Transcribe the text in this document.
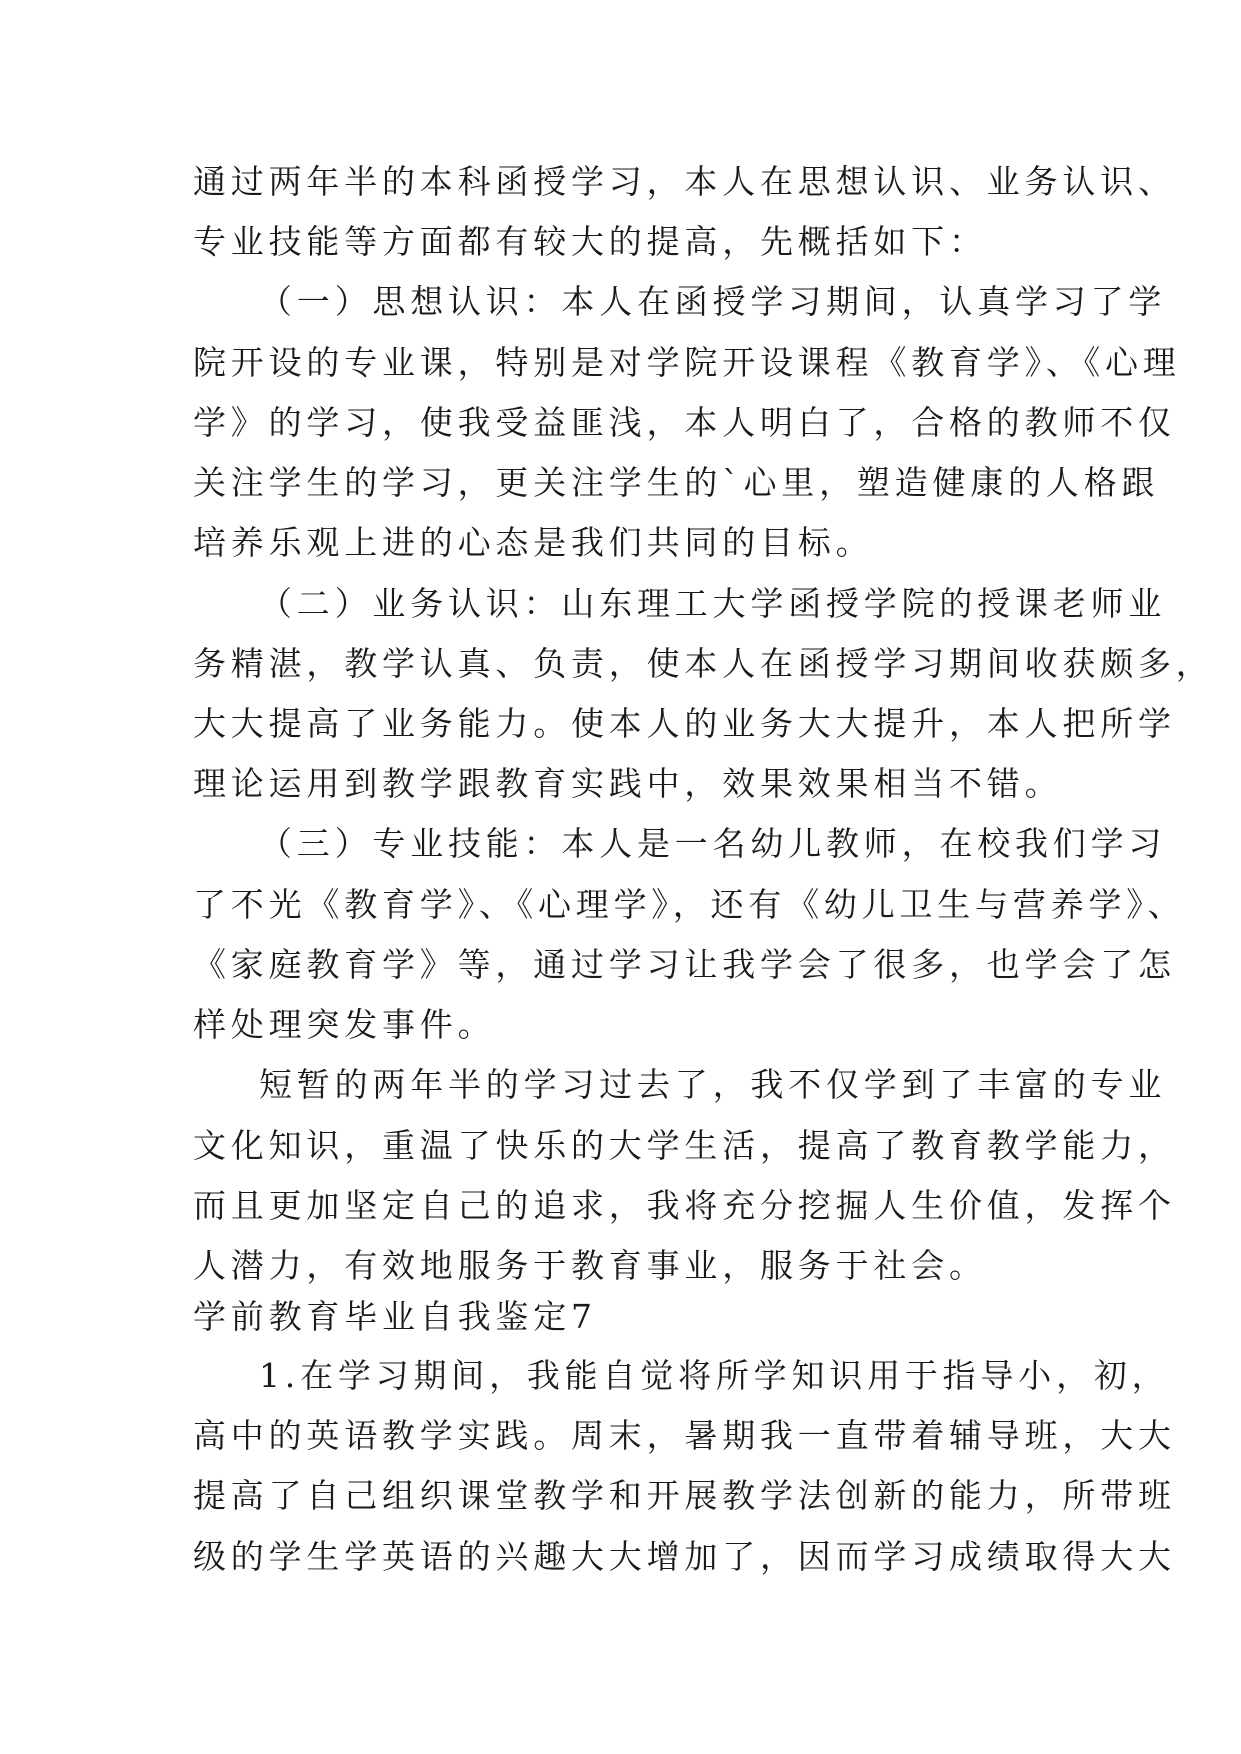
通过两年半的本科函授学习，本人在思想认识、业务认识、
专业技能等方面都有较大的提高，先概括如下：
（一）思想认识：本人在函授学习期间，认真学习了学
院开设的专业课，特别是对学院开设课程《教育学》、《心理
学》的学习，使我受益匪浅，本人明白了，合格的教师不仅
关注学生的学习，更关注学生的`心里，塑造健康的人格跟
培养乐观上进的心态是我们共同的目标。
（二）业务认识：山东理工大学函授学院的授课老师业
务精湛，教学认真、负责，使本人在函授学习期间收获颇多，
大大提高了业务能力。使本人的业务大大提升，本人把所学
理论运用到教学跟教育实践中，效果效果相当不错。
（三）专业技能：本人是一名幼儿教师，在校我们学习
了不光《教育学》、《心理学》，还有《幼儿卫生与营养学》、
《家庭教育学》等，通过学习让我学会了很多，也学会了怎
样处理突发事件。
短暂的两年半的学习过去了，我不仅学到了丰富的专业
文化知识，重温了快乐的大学生活，提高了教育教学能力，
而且更加坚定自己的追求，我将充分挖掘人生价值，发挥个
人潜力，有效地服务于教育事业，服务于社会。
学前教育毕业自我鉴定7
1.在学习期间，我能自觉将所学知识用于指导小，初，
高中的英语教学实践。周末，暑期我一直带着辅导班，大大
提高了自己组织课堂教学和开展教学法创新的能力，所带班
级的学生学英语的兴趣大大增加了，因而学习成绩取得大大
